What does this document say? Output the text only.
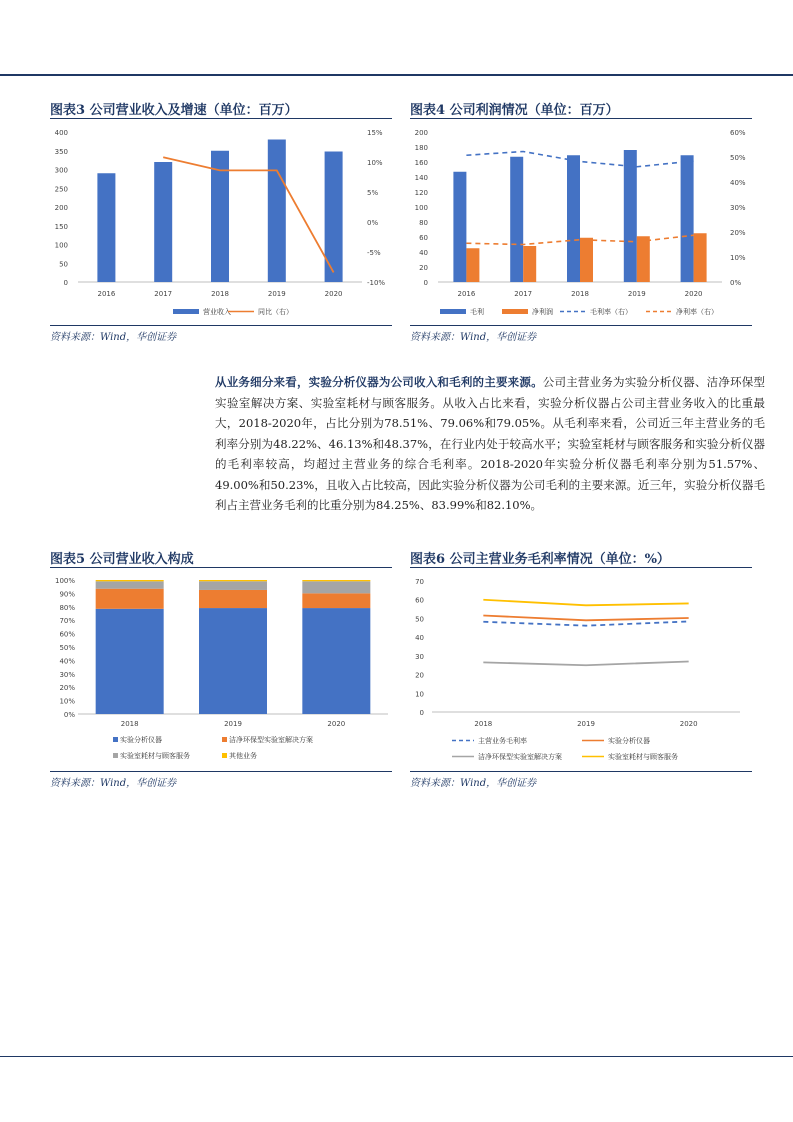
图表3 公司营业收入及增速（单位：百万）
400
350
300
250
200
150
100
50
0
15%
10%
5%
0%
-5%
-10%
2016	2017	2018	2019	2020
营业收入	同比（右）
资料来源：Wind，华创证券
图表4 公司利润情况（单位：百万）
200
180
160
140
120
100
80
60
40
20
0
60%
50%
40%
30%
20%
10%
0%
2016	2017	2018	2019	2020
毛利	净利润	毛利率（右）	净利率（右）
资料来源：Wind，华创证券
从业务细分来看，实验分析仪器为公司收入和毛利的主要来源。公司主营业务为实验分析仪器、洁净环保型实验室解决方案、实验室耗材与顾客服务。从收入占比来看，实验分析仪器占公司主营业务收入的比重最大，2018-2020年，占比分别为78.51%、79.06%和79.05%。从毛利率来看，公司近三年主营业务的毛利率分别为48.22%、46.13%和48.37%，在行业内处于较高水平；实验室耗材与顾客服务和实验分析仪器的毛利率较高，均超过主营业务的综合毛利率。2018-2020年实验分析仪器毛利率分别为51.57%、49.00%和50.23%，且收入占比较高，因此实验分析仪器为公司毛利的主要来源。近三年，实验分析仪器毛利占主营业务毛利的比重分别为84.25%、83.99%和82.10%。
图表5 公司营业收入构成
100%
90%
80%
70%
60%
50%
40%
30%
20%
10%
0%
2018	2019	2020
实验分析仪器	洁净环保型实验室解决方案
实验室耗材与顾客服务	其他业务
资料来源：Wind，华创证券
图表6 公司主营业务毛利率情况（单位：%）
70
60
50
40
30
20
10
0
2018	2019	2020
主营业务毛利率	实验分析仪器
洁净环保型实验室解决方案	实验室耗材与顾客服务
资料来源：Wind，华创证券
